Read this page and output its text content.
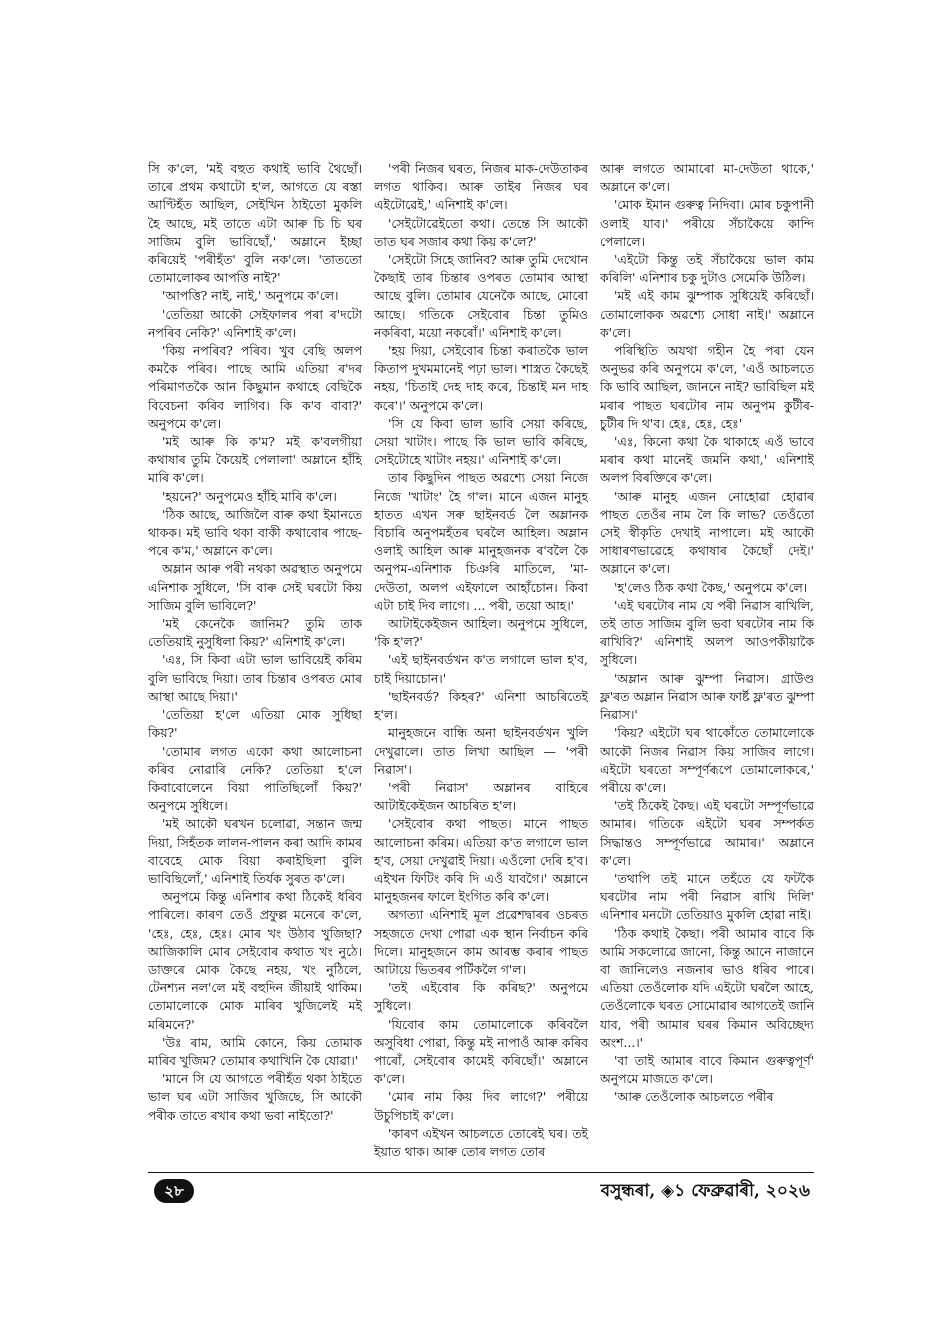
সি ক'লে, 'মই বহুত কথাই ভাবি থৈছোঁ। তাৰে প্ৰথম কথাটো হ'ল, আগতে যে ৰস্তা আণ্টিহঁত আছিল, সেইখিন ঠাইতো মুকলি হৈ আছে, মই তাতে এটা আৰু চি চি ঘৰ সাজিম বুলি ভাবিছোঁ,' অম্লানে ইচ্ছা কৰিয়েই 'পৰীহঁত' বুলি নক'লে। 'তাততো তোমালোকৰ আপত্তি নাই?'

'আপত্তি? নাই, নাই,' অনুপমে ক'লে।

'তেতিয়া আকৌ সেইফালৰ পৰা ৰ'দটো নপৰিব নেকি?' এনিশাই ক'লে।

'কিয় নপৰিব? পৰিব। খুব বেছি অলপ কমকৈ পৰিব। পাছে আমি এতিয়া ৰ'দৰ পৰিমাণতকৈ আন কিছুমান কথাহে বেছিকৈ বিবেচনা কৰিব লাগিব। কি ক'ব বাবা?' অনুপমে ক'লে।

'মই আৰু কি ক'ম? মই ক'বলগীয়া কথাষাৰ তুমি কৈয়েই পেলালা' অম্লানে হাঁহি মাৰি ক'লে।

'হয়নে?' অনুপমেও হাঁহি মাৰি ক'লে।

'ঠিক আছে, আজিলৈ বাৰু কথা ইমানতে থাকক। মই ভাবি থকা বাকী কথাবোৰ পাছে-পৰে ক'ম,' অম্লানে ক'লে।

অম্লান আৰু পৰী নথকা অৱস্থাত অনুপমে এনিশাক সুধিলে, 'সি বাৰু সেই ঘৰটো কিয় সাজিম বুলি ভাবিলে?'

'মই কেনেকৈ জানিম? তুমি তাক তেতিয়াই নুসুধিলা কিয়?' এনিশাই ক'লে।

'এঃ, সি কিবা এটা ভাল ভাবিয়েই কৰিম বুলি ভাবিছে দিয়া। তাৰ চিন্তাৰ ওপৰত মোৰ আস্থা আছে দিয়া।'

'তেতিয়া হ'লে এতিয়া মোক সুধিছা কিয়?'

'তোমাৰ লগত একো কথা আলোচনা কৰিব নোৱাৰি নেকি? তেতিয়া হ'লে কিবাবোলেনে বিয়া পাতিছিলোঁ কিয়?' অনুপমে সুধিলে।

'মই আকৌ ঘৰখন চলোৱা, সন্তান জন্ম দিয়া, সিহঁতক লালন-পালন কৰা আদি কামৰ বাবেহে মোক বিয়া কৰাইছিলা বুলি ভাবিছিলোঁ,' এনিশাই তিৰ্যক সুৰত ক'লে।

অনুপমে কিন্তু এনিশাৰ কথা ঠিকেই ধৰিব পাৰিলে। কাৰণ তেওঁ প্ৰফুল্ল মনেৰে ক'লে, 'হেঃ, হেঃ, হেঃ। মোৰ খং উঠাব খুজিছা? আজিকালি মোৰ সেইবোৰ কথাত খং নুঠে। ডাক্তৰে মোক কৈছে নহয়, খং নুঠিলে, টেনশ্যন নল'লে মই বহুদিন জীয়াই থাকিম। তোমালোকে মোক মাৰিব খুজিলেই মই মৰিমনে?'

'উঃ ৰাম, আমি কোনে, কিয় তোমাক মাৰিব খুজিম? তোমাৰ কথাখিনি কৈ যোৱা।'

'মানে সি যে আগতে পৰীহঁত থকা ঠাইতে ভাল ঘৰ এটা সাজিব খুজিছে, সি আকৌ পৰীক তাতে ৰখাৰ কথা ভবা নাইতো?'

'পৰী নিজৰ ঘৰত, নিজৰ মাক-দেউতাকৰ লগত থাকিব। আৰু তাইৰ নিজৰ ঘৰ এইটোৱেই,' এনিশাই ক'লে।

'সেইটোৱেইতো কথা। তেন্তে সি আকৌ তাত ঘৰ সজাৰ কথা কিয় ক'লে?'

'সেইটো সিহে জানিব? আৰু তুমি দেখোন কৈছাই তাৰ চিন্তাৰ ওপৰত তোমাৰ আস্থা আছে বুলি। তোমাৰ যেনেকৈ আছে, মোৰো আছে। গতিকে সেইবোৰ চিন্তা তুমিও নকৰিবা, ময়ো নকৰোঁ।' এনিশাই ক'লে।

'হয় দিয়া, সেইবোৰ চিন্তা কৰাতকৈ ভাল কিতাপ দুখমমানেই পঢ়া ভাল। শাস্ত্ৰত কৈছেই নহয়, 'চিতাই দেহ দাহ কৰে, চিন্তাই মন দাহ কৰে'।' অনুপমে ক'লে।

'সি যে কিবা ভাল ভাবি সেয়া কৰিছে, সেয়া খাটাং। পাছে কি ভাল ভাবি কৰিছে, সেইটোহে খাটাং নহয়।' এনিশাই ক'লে।

তাৰ কিছুদিন পাছত অৱশ্যে সেয়া নিজে নিজে 'খাটাং' হৈ গ'ল। মানে এজন মানুহ হাতত এখন সৰু ছাইনবৰ্ড লৈ অম্লানক বিচাৰি অনুপমহঁতৰ ঘৰলৈ আহিল। অম্লান ওলাই আহিল আৰু মানুহজনক ৰ'বলৈ কৈ অনুপম-এনিশাক চিঞৰি মাতিলে, 'মা-দেউতা, অলপ এইফালে আহাঁচোন। কিবা এটা চাই দিব লাগে। ... পৰী, তয়ো আহ।'

আটাইকেইজন আহিল। অনুপমে সুধিলে, 'কি হ'ল?'

'এই ছাইনবৰ্ডখন ক'ত লগালে ভাল হ'ব, চাই দিয়াচোন।'

'ছাইনবৰ্ড? কিহৰ?' এনিশা আচৰিতেই হ'ল।

মানুহজনে বান্ধি অনা ছাইনবৰ্ডখন খুলি দেখুৱালে। তাত লিখা আছিল — 'পৰী নিৱাস'।

'পৰী নিৱাস' অম্লানৰ বাহিৰে আটাইকেইজন আচৰিত হ'ল।

'সেইবোৰ কথা পাছত। মানে পাছত আলোচনা কৰিম। এতিয়া ক'ত লগালে ভাল হ'ব, সেয়া দেখুৱাই দিয়া। এওঁলো দেৰি হ'ব। এইখন ফিটিং কৰি দি এওঁ যাবগৈ।' অম্লানে মানুহজনৰ ফালে ইংগিত কৰি ক'লে।

অগত্যা এনিশাই মূল প্ৰৱেশদ্বাৰৰ ওচৰত সহজতে দেখা পোৱা এক স্থান নিৰ্বাচন কৰি দিলে। মানুহজনে কাম আৰম্ভ কৰাৰ পাছত আটায়ে ভিতৰৰ পৰ্টিকলৈ গ'ল।

'তই এইবোৰ কি কৰিছ?' অনুপমে সুধিলে।

'যিবোৰ কাম তোমালোকে কৰিবলৈ অসুবিধা পোৱা, কিন্তু মই নাপাওঁ আৰু কৰিব পাৰোঁ, সেইবোৰ কামেই কৰিছোঁ।' অম্লানে ক'লে।

'মোৰ নাম কিয় দিব লাগে?' পৰীয়ে উচুপিচাই ক'লে।

'কাৰণ এইখন আচলতে তোৰেই ঘৰ। তই ইয়াত থাক। আৰু তোৰ লগত তোৰ

আৰু লগতে আমাৰো মা-দেউতা থাকে,' অম্লানে ক'লে।

'মোক ইমান গুৰুত্ব নিদিবা। মোৰ চকুপানী ওলাই যাব।' পৰীয়ে সঁচাকৈয়ে কান্দি পেলালে।

'এইটো কিন্তু তই সঁচাকৈয়ে ভাল কাম কৰিলি' এনিশাৰ চকু দুটাও সেমেকি উঠিল।

'মই এই কাম ঝুম্পাক সুধিয়েই কৰিছোঁ। তোমালোকক অৱশ্যে সোধা নাই।' অম্লানে ক'লে।

পৰিস্থিতি অযথা গহীন হৈ পৰা যেন অনুভৱ কৰি অনুপমে ক'লে, 'এওঁ আচলতে কি ভাবি আছিল, জাননে নাই? ভাবিছিল মই মৰাৰ পাছত ঘৰটোৰ নাম অনুপম কুটীৰ-চুটীৰ দি থ'ব। হেঃ, হেঃ, হেঃ'

'এঃ, কিনো কথা কৈ থাকাহে এওঁ ভাবে মৰাৰ কথা মানেই জমনি কথা,' এনিশাই অলপ বিৰক্তিৰে ক'লে।

'আৰু মানুহ এজন নোহোৱা হোৱাৰ পাছত তেওঁৰ নাম লৈ কি লাভ? তেওঁতো সেই স্বীকৃতি দেখাই নাপালে। মই আকৌ সাধাৰণভাৱেহে কথাষাৰ কৈছোঁ দেই।' অম্লানে ক'লে।

'হ'লেও ঠিক কথা কৈছ,' অনুপমে ক'লে।

'এই ঘৰটোৰ নাম যে পৰী নিৱাস ৰাখিলি, তই তাত সাজিম বুলি ভবা ঘৰটোৰ নাম কি ৰাখিবি?' এনিশাই অলপ আওপকীয়াকৈ সুধিলে।

'অম্লান আৰু ঝুম্পা নিৱাস। গ্ৰাউণ্ড ফ্ল'ৰত অম্লান নিৱাস আৰু ফাৰ্ষ্ট ফ্ল'ৰত ঝুম্পা নিৱাস।'

'কিয়? এইটো ঘৰ থাকোঁতে তোমালোকে আকৌ নিজৰ নিৱাস কিয় সাজিব লাগে। এইটো ঘৰতো সম্পূৰ্ণৰূপে তোমালোকৰে,' পৰীয়ে ক'লে।

'তই ঠিকেই কৈছ। এই ঘৰটো সম্পূৰ্ণভাৱে আমাৰ। গতিকে এইটো ঘৰৰ সম্পৰ্কত সিদ্ধান্তও সম্পূৰ্ণভাৱে আমাৰ।' অম্লানে ক'লে।

'তথাপি তই মানে তহঁতে যে ফটকৈ ঘৰটোৰ নাম পৰী নিৱাস ৰাখি দিলি' এনিশাৰ মনটো তেতিয়াও মুকলি হোৱা নাই।

'ঠিক কথাই কৈছা। পৰী আমাৰ বাবে কি আমি সকলোৱে জানো, কিন্তু আনে নাজানে বা জানিলেও নজনাৰ ভাও ধৰিব পাৰে। এতিয়া তেওঁলোক যদি এইটো ঘৰলৈ আহে, তেওঁলোকে ঘৰত সোমোৱাৰ আগতেই জানি যাব, পৰী আমাৰ ঘৰৰ কিমান অবিচ্ছেদ্য অংশ...।'

'বা তাই আমাৰ বাবে কিমান গুৰুত্বপূৰ্ণ' অনুপমে মাজতে ক'লে।

'আৰু তেওঁলোক আচলতে পৰীৰ

২৮	বসুন্ধৰা, ◈১ ফেব্ৰুৱাৰী, ২০২৬
